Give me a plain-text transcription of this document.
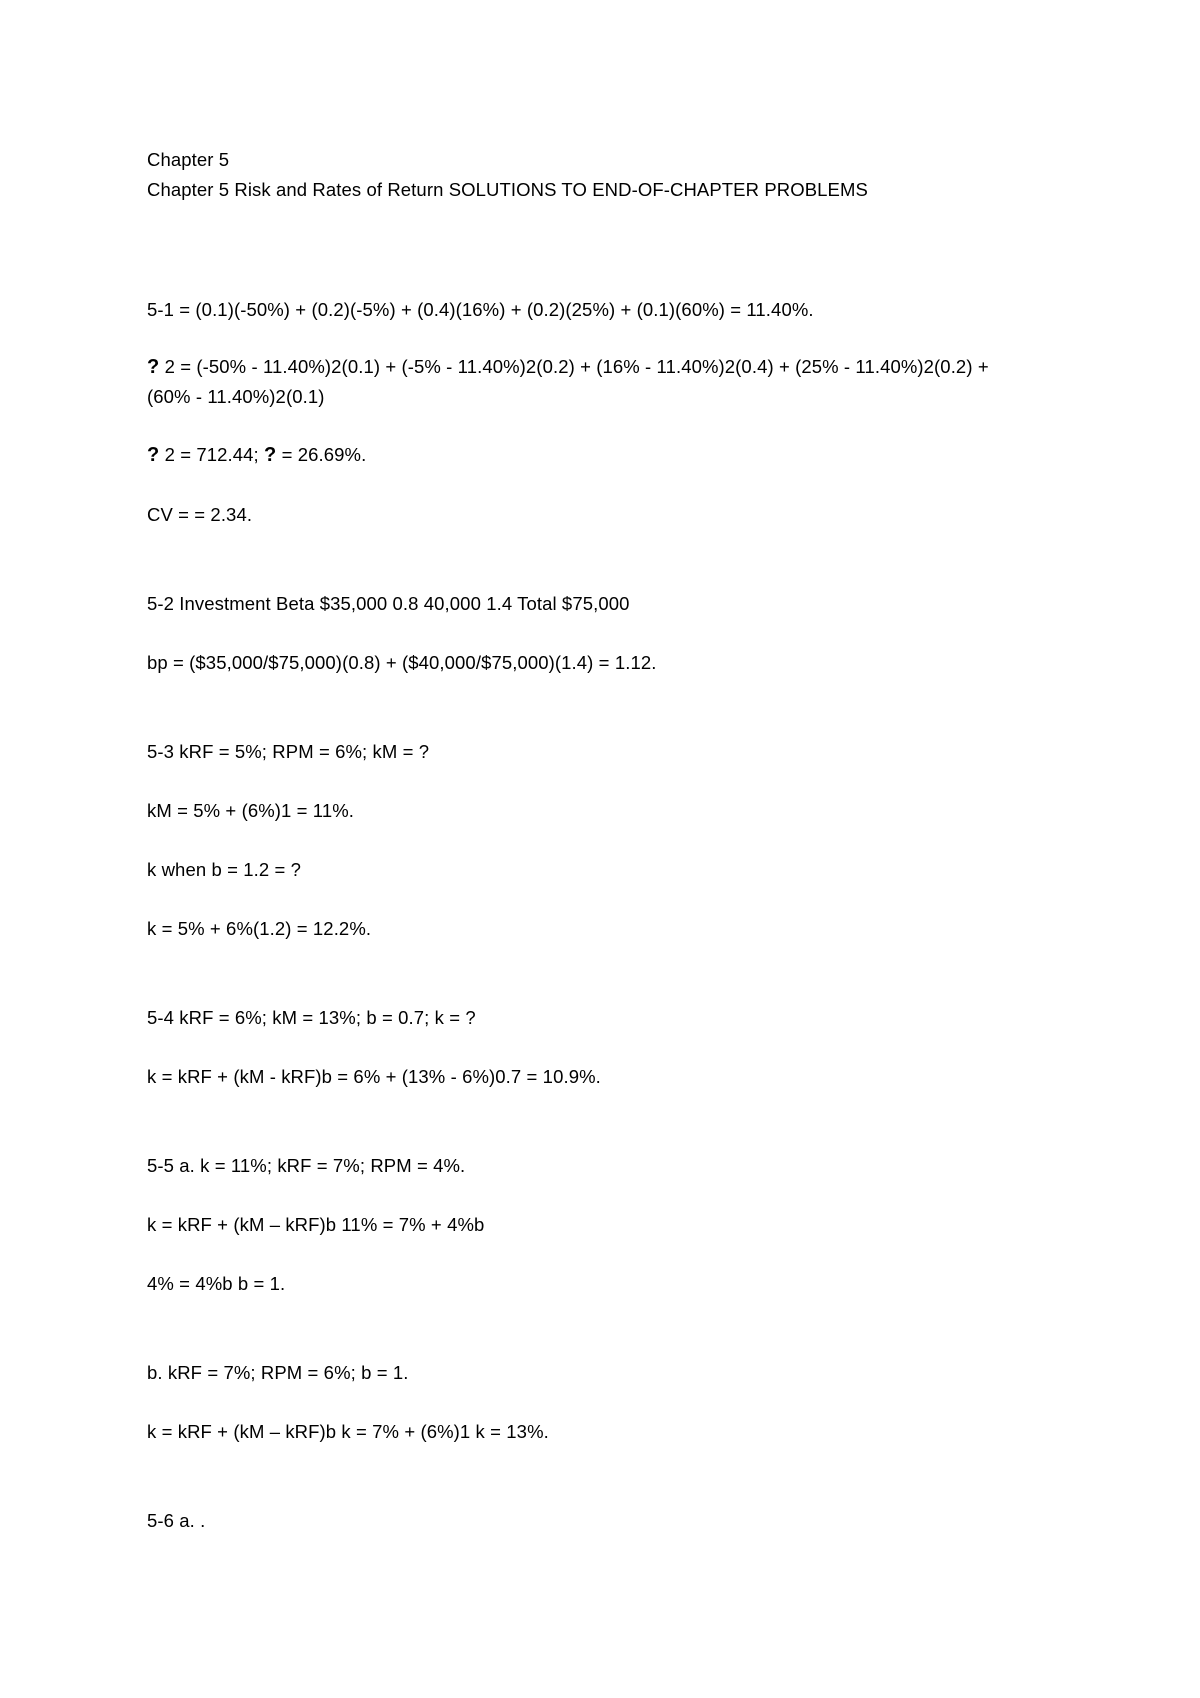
Chapter 5
Chapter 5 Risk and Rates of Return SOLUTIONS TO END-OF-CHAPTER PROBLEMS
5-1 = (0.1)(-50%) + (0.2)(-5%) + (0.4)(16%) + (0.2)(25%) + (0.1)(60%) = 11.40%.
? 2 = (-50% - 11.40%)2(0.1) + (-5% - 11.40%)2(0.2) + (16% - 11.40%)2(0.4) + (25% - 11.40%)2(0.2) +
(60% - 11.40%)2(0.1)
? 2 = 712.44; ? = 26.69%.
CV = = 2.34.
5-2 Investment Beta $35,000 0.8 40,000 1.4 Total $75,000
bp = ($35,000/$75,000)(0.8) + ($40,000/$75,000)(1.4) = 1.12.
5-3 kRF = 5%; RPM = 6%; kM = ?
kM = 5% + (6%)1 = 11%.
k when b = 1.2 = ?
k = 5% + 6%(1.2) = 12.2%.
5-4 kRF = 6%; kM = 13%; b = 0.7; k = ?
k = kRF + (kM - kRF)b = 6% + (13% - 6%)0.7 = 10.9%.
5-5 a. k = 11%; kRF = 7%; RPM = 4%.
k = kRF + (kM – kRF)b 11% = 7% + 4%b
4% = 4%b b = 1.
b. kRF = 7%; RPM = 6%; b = 1.
k = kRF + (kM – kRF)b k = 7% + (6%)1 k = 13%.
5-6 a. .
